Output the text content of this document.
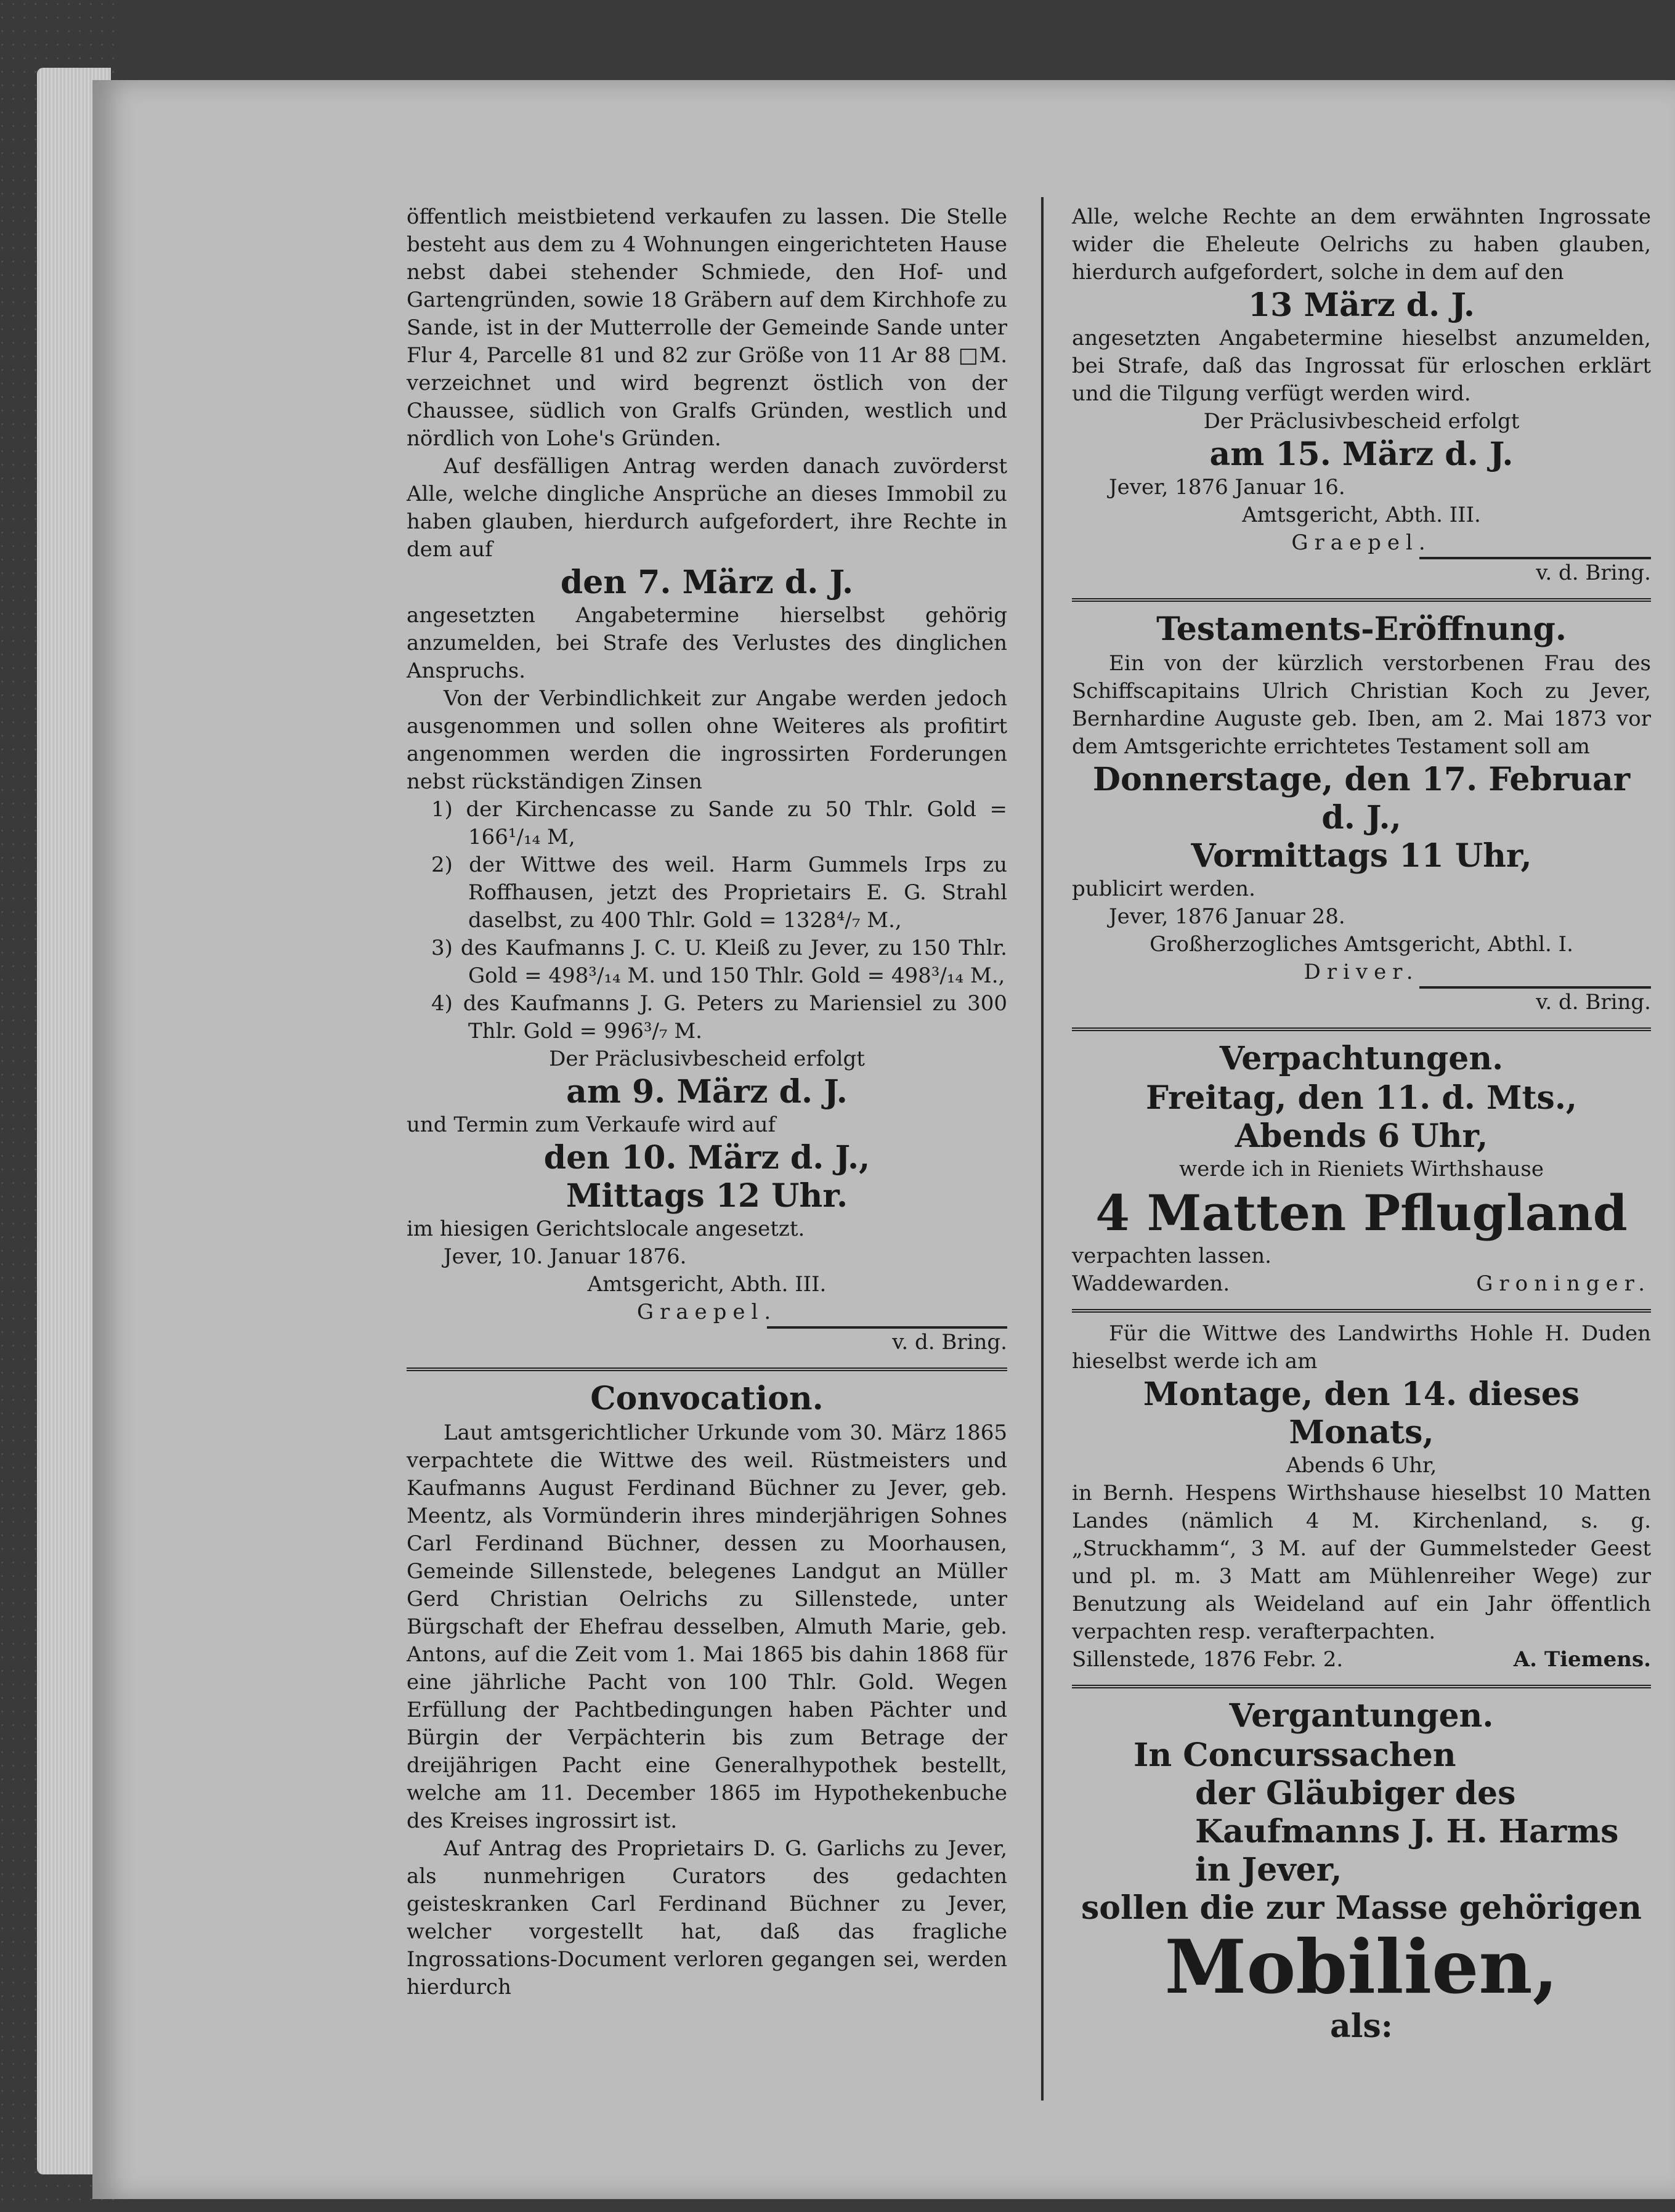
öffentlich meistbietend verkaufen zu lassen. Die Stelle besteht aus dem zu 4 Wohnungen eingerichteten Hause nebst dabei stehender Schmiede, den Hof- und Gartengründen, sowie 18 Gräbern auf dem Kirchhofe zu Sande, ist in der Mutterrolle der Gemeinde Sande unter Flur 4, Parcelle 81 und 82 zur Größe von 11 Ar 88 □M. verzeichnet und wird begrenzt östlich von der Chaussee, südlich von Gralfs Gründen, westlich und nördlich von Lohe's Gründen.

Auf desfälligen Antrag werden danach zuvörderst Alle, welche dingliche Ansprüche an dieses Immobil zu haben glauben, hierdurch aufgefordert, ihre Rechte in dem auf

den 7. März d. J.

angesetzten Angabetermine hierselbst gehörig anzumelden, bei Strafe des Verlustes des dinglichen Anspruchs.

Von der Verbindlichkeit zur Angabe werden jedoch ausgenommen und sollen ohne Weiteres als profitirt angenommen werden die ingrossirten Forderungen nebst rückständigen Zinsen

1) der Kirchencasse zu Sande zu 50 Thlr. Gold = 166¹/₁₄ M,

2) der Wittwe des weil. Harm Gummels Irps zu Roffhausen, jetzt des Proprietairs E. G. Strahl daselbst, zu 400 Thlr. Gold = 1328⁴/₇ M.,

3) des Kaufmanns J. C. U. Kleiß zu Jever, zu 150 Thlr. Gold = 498³/₁₄ M. und 150 Thlr. Gold = 498³/₁₄ M.,

4) des Kaufmanns J. G. Peters zu Mariensiel zu 300 Thlr. Gold = 996³/₇ M.

Der Präclusivbescheid erfolgt

am 9. März d. J.

und Termin zum Verkaufe wird auf

den 10. März d. J.,

Mittags 12 Uhr.

im hiesigen Gerichtslocale angesetzt.

Jever, 10. Januar 1876.

Amtsgericht, Abth. III.

Graepel.

v. d. Bring.

Convocation.

Laut amtsgerichtlicher Urkunde vom 30. März 1865 verpachtete die Wittwe des weil. Rüstmeisters und Kaufmanns August Ferdinand Büchner zu Jever, geb. Meentz, als Vormünderin ihres minderjährigen Sohnes Carl Ferdinand Büchner, dessen zu Moorhausen, Gemeinde Sillenstede, belegenes Landgut an Müller Gerd Christian Oelrichs zu Sillenstede, unter Bürgschaft der Ehefrau desselben, Almuth Marie, geb. Antons, auf die Zeit vom 1. Mai 1865 bis dahin 1868 für eine jährliche Pacht von 100 Thlr. Gold. Wegen Erfüllung der Pachtbedingungen haben Pächter und Bürgin der Verpächterin bis zum Betrage der dreijährigen Pacht eine Generalhypothek bestellt, welche am 11. December 1865 im Hypothekenbuche des Kreises ingrossirt ist.

Auf Antrag des Proprietairs D. G. Garlichs zu Jever, als nunmehrigen Curators des gedachten geisteskranken Carl Ferdinand Büchner zu Jever, welcher vorgestellt hat, daß das fragliche Ingrossations-Document verloren gegangen sei, werden hierdurch

Alle, welche Rechte an dem erwähnten Ingrossate wider die Eheleute Oelrichs zu haben glauben, hierdurch aufgefordert, solche in dem auf den

13 März d. J.

angesetzten Angabetermine hieselbst anzumelden, bei Strafe, daß das Ingrossat für erloschen erklärt und die Tilgung verfügt werden wird.

Der Präclusivbescheid erfolgt

am 15. März d. J.

Jever, 1876 Januar 16.

Amtsgericht, Abth. III.

Graepel.

v. d. Bring.

Testaments-Eröffnung.

Ein von der kürzlich verstorbenen Frau des Schiffscapitains Ulrich Christian Koch zu Jever, Bernhardine Auguste geb. Iben, am 2. Mai 1873 vor dem Amtsgerichte errichtetes Testament soll am

Donnerstage, den 17. Februar d. J.,

Vormittags 11 Uhr,

publicirt werden.

Jever, 1876 Januar 28.

Großherzogliches Amtsgericht, Abthl. I.

Driver.

v. d. Bring.

Verpachtungen.

Freitag, den 11. d. Mts.,

Abends 6 Uhr,

werde ich in Rieniets Wirthshause

4 Matten Pflugland

verpachten lassen.

Waddewarden.	Groninger.

Für die Wittwe des Landwirths Hohle H. Duden hieselbst werde ich am

Montage, den 14. dieses Monats,

Abends 6 Uhr,

in Bernh. Hespens Wirthshause hieselbst 10 Matten Landes (nämlich 4 M. Kirchenland, s. g. „Struckhamm“, 3 M. auf der Gummelsteder Geest und pl. m. 3 Matt am Mühlenreiher Wege) zur Benutzung als Weideland auf ein Jahr öffentlich verpachten resp. verafterpachten.

Sillenstede, 1876 Febr. 2.	A. Tiemens.

Vergantungen.

In Concurssachen

der Gläubiger des Kaufmanns J. H. Harms in Jever,

sollen die zur Masse gehörigen

Mobilien,

als:
